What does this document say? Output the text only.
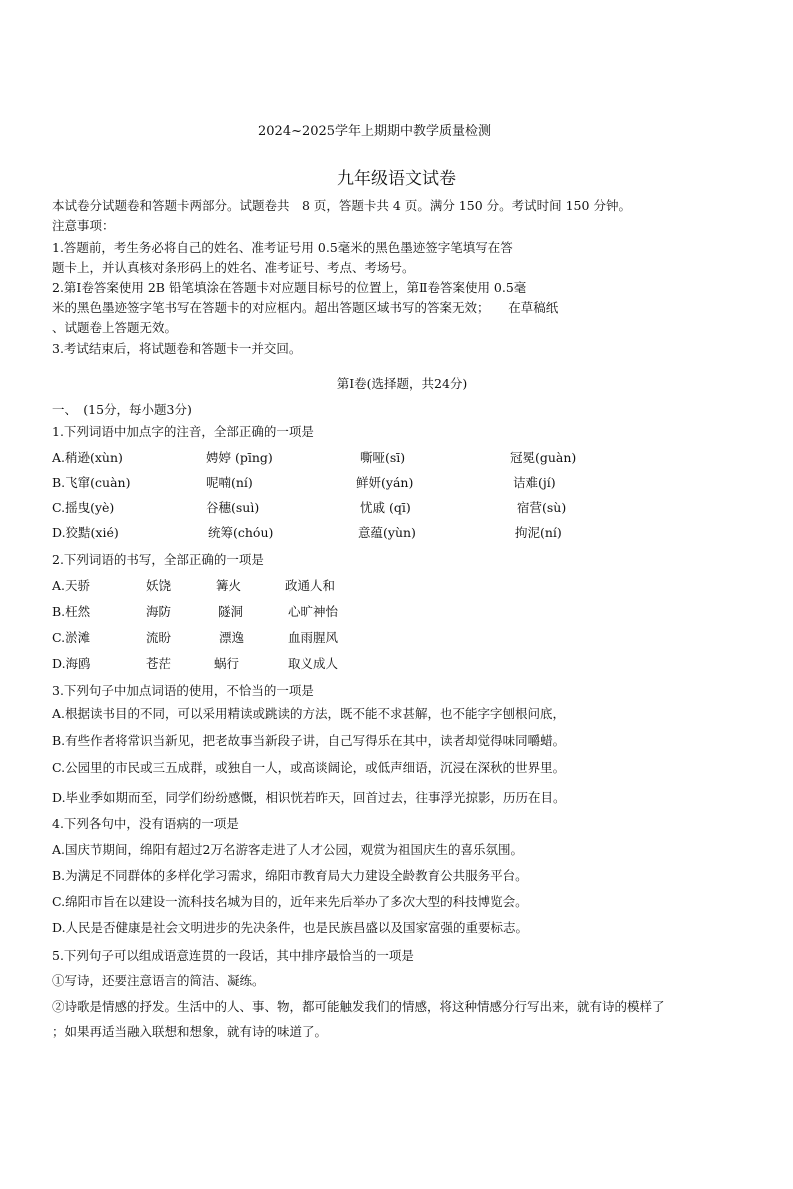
2024~2025学年上期期中教学质量检测
九年级语文试卷
本试卷分试题卷和答题卡两部分。试题卷共　8 页，答题卡共 4 页。满分 150 分。考试时间 150 分钟。
注意事项：
1.答题前，考生务必将自己的姓名、准考证号用 0.5毫米的黑色墨迹签字笔填写在答
题卡上，并认真核对条形码上的姓名、准考证号、考点、考场号。
2.第Ⅰ卷答案使用 2B 铅笔填涂在答题卡对应题目标号的位置上，第Ⅱ卷答案使用 0.5毫
米的黑色墨迹签字笔书写在答题卡的对应框内。超出答题区域书写的答案无效；　　在草稿纸
、试题卷上答题无效。
3.考试结束后，将试题卷和答题卡一并交回。
第Ⅰ卷(选择题，共24分)
一、　(15分，每小题3分)
1.下列词语中加点字的注音，全部正确的一项是
A.稍逊(xùn)	娉婷 (pīng)	嘶哑(sī)	冠冕(guàn)
B.飞窜(cuàn)	呢喃(ní)	鲜妍(yán)	诘难(jí)
C.摇曳(yè)	谷穗(suì)	忧戚 (qī)	宿营(sù)
D.狡黠(xié)	统筹(chóu)	意蕴(yùn)	拘泥(ní)
2.下列词语的书写，全部正确的一项是
A.天骄	妖饶	篝火	政通人和
B.枉然	海防	隧洞	心旷神怡
C.淤滩	流盼	漂逸	血雨腥风
D.海鸥	苍茫	蜗行	取义成人
3.下列句子中加点词语的使用，不恰当的一项是
A.根据读书目的不同，可以采用精读或跳读的方法，既不能不求甚解，也不能字字刨根问底，
B.有些作者将常识当新见，把老故事当新段子讲，自己写得乐在其中，读者却觉得味同嚼蜡。
C.公园里的市民或三五成群，或独自一人，或高谈阔论，或低声细语，沉浸在深秋的世界里。
D.毕业季如期而至，同学们纷纷感慨，相识恍若昨天，回首过去，往事浮光掠影，历历在目。
4.下列各句中，没有语病的一项是
A.国庆节期间，绵阳有超过2万名游客走进了人才公园，观赏为祖国庆生的喜乐氛围。
B.为满足不同群体的多样化学习需求，绵阳市教育局大力建设全龄教育公共服务平台。
C.绵阳市旨在以建设一流科技名城为目的，近年来先后举办了多次大型的科技博览会。
D.人民是否健康是社会文明进步的先决条件，也是民族昌盛以及国家富强的重要标志。
5.下列句子可以组成语意连贯的一段话，其中排序最恰当的一项是
①写诗，还要注意语言的简洁、凝练。
②诗歌是情感的抒发。生活中的人、事、物，都可能触发我们的情感，将这种情感分行写出来，就有诗的模样了
；如果再适当融入联想和想象，就有诗的味道了。
